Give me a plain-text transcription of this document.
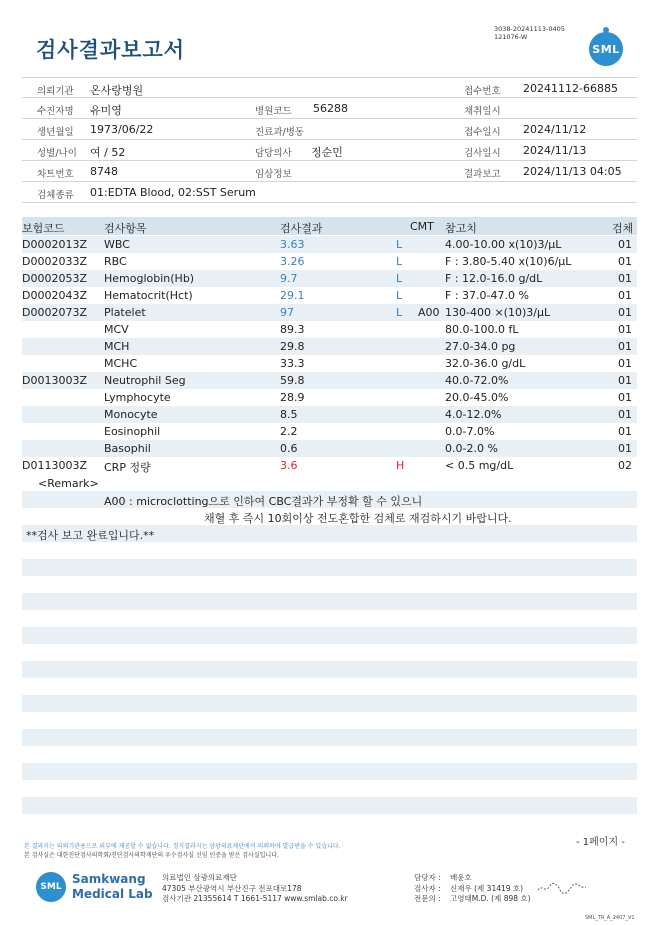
검사결과보고서
3038-20241113-0405
121076-W
SML
의뢰기관 온사랑병원	접수번호 20241112-66885
수진자명 유미영	병원코드 56288	채취일시
생년월일 1973/06/22	진료과/병동	접수일시 2024/11/12
성별/나이 여 / 52	담당의사 정순민	검사일시 2024/11/13
차트번호 8748	임상정보	결과보고 2024/11/13 04:05
검체종류 01:EDTA Blood, 02:SST Serum
보험코드	검사항목	검사결과	CMT 참고치	검체
D0002013Z WBC	3.63	L	4.00-10.00 x(10)3/μL	01
D0002033Z RBC	3.26	L	F : 3.80-5.40 x(10)6/μL	01
D0002053Z Hemoglobin(Hb)	9.7	L	F : 12.0-16.0 g/dL	01
D0002043Z Hematocrit(Hct)	29.1	L	F : 37.0-47.0 %	01
D0002073Z Platelet	97	L A00 130-400 ×(10)3/μL	01
MCV	89.3	80.0-100.0 fL	01
MCH	29.8	27.0-34.0 pg	01
MCHC	33.3	32.0-36.0 g/dL	01
D0013003Z Neutrophil Seg	59.8	40.0-72.0%	01
Lymphocyte	28.9	20.0-45.0%	01
Monocyte	8.5	4.0-12.0%	01
Eosinophil	2.2	0.0-7.0%	01
Basophil	0.6	0.0-2.0 %	01
D0113003Z CRP 정량	3.6	H	< 0.5 mg/dL	02
<Remark>
A00 : microclotting으로 인하여 CBC결과가 부정확 할 수 있으니
채혈 후 즉시 10회이상 전도혼합한 검체로 재검하시기 바랍니다.
**검사 보고 완료입니다.**
- 1페이지 -
본 결과지는 의뢰기관용으로 외부에 제공할 수 없습니다. 정식결과지는 삼광의료재단에서 의뢰하여 발급받을 수 있습니다.
본 검사실은 대한진단검사의학회/진단검사의학재단의 우수검사실 신임 인증을 받은 검사실입니다.
SML
Samkwang
Medical Lab
의료법인 삼광의료재단
47305 부산광역시 부산진구 전포대로178
검사기관 21355614 T 1661-5117 www.smlab.co.kr
담당자 : 배윤호
검사자 : 신재우 (제 31419 호)
전문의 : 고영태M.D. (제 898 호)
SML_TR_A_2407_V1
